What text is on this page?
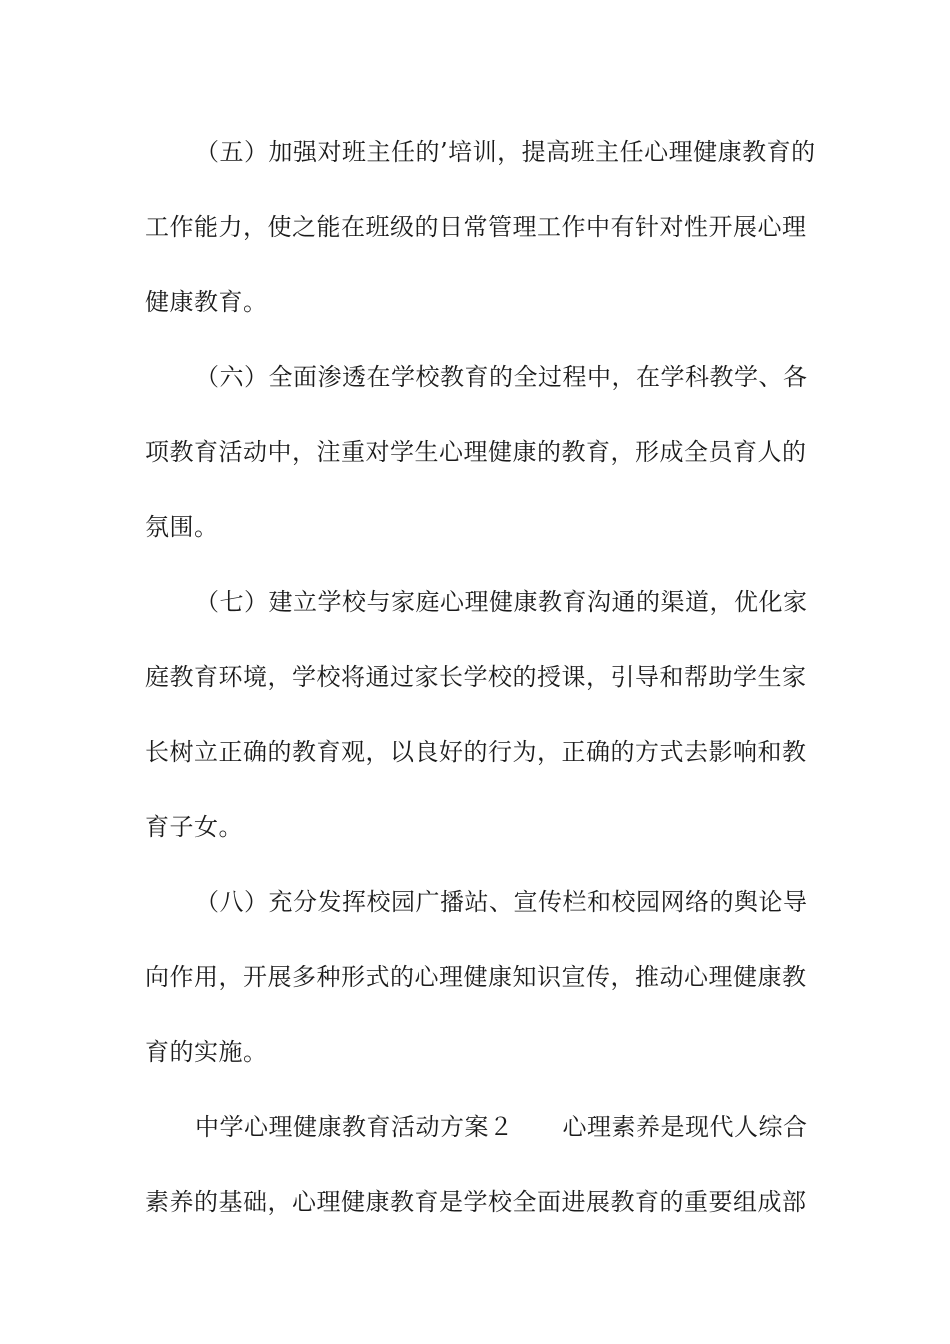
（五）加强对班主任的’培训，提高班主任心理健康教育的
工作能力，使之能在班级的日常管理工作中有针对性开展心理
健康教育。
（六）全面渗透在学校教育的全过程中，在学科教学、各
项教育活动中，注重对学生心理健康的教育，形成全员育人的
氛围。
（七）建立学校与家庭心理健康教育沟通的渠道，优化家
庭教育环境，学校将通过家长学校的授课，引导和帮助学生家
长树立正确的教育观，以良好的行为，正确的方式去影响和教
育子女。
（八）充分发挥校园广播站、宣传栏和校园网络的舆论导
向作用，开展多种形式的心理健康知识宣传，推动心理健康教
育的实施。
中学心理健康教育活动方案２　　心理素养是现代人综合
素养的基础，心理健康教育是学校全面进展教育的重要组成部
